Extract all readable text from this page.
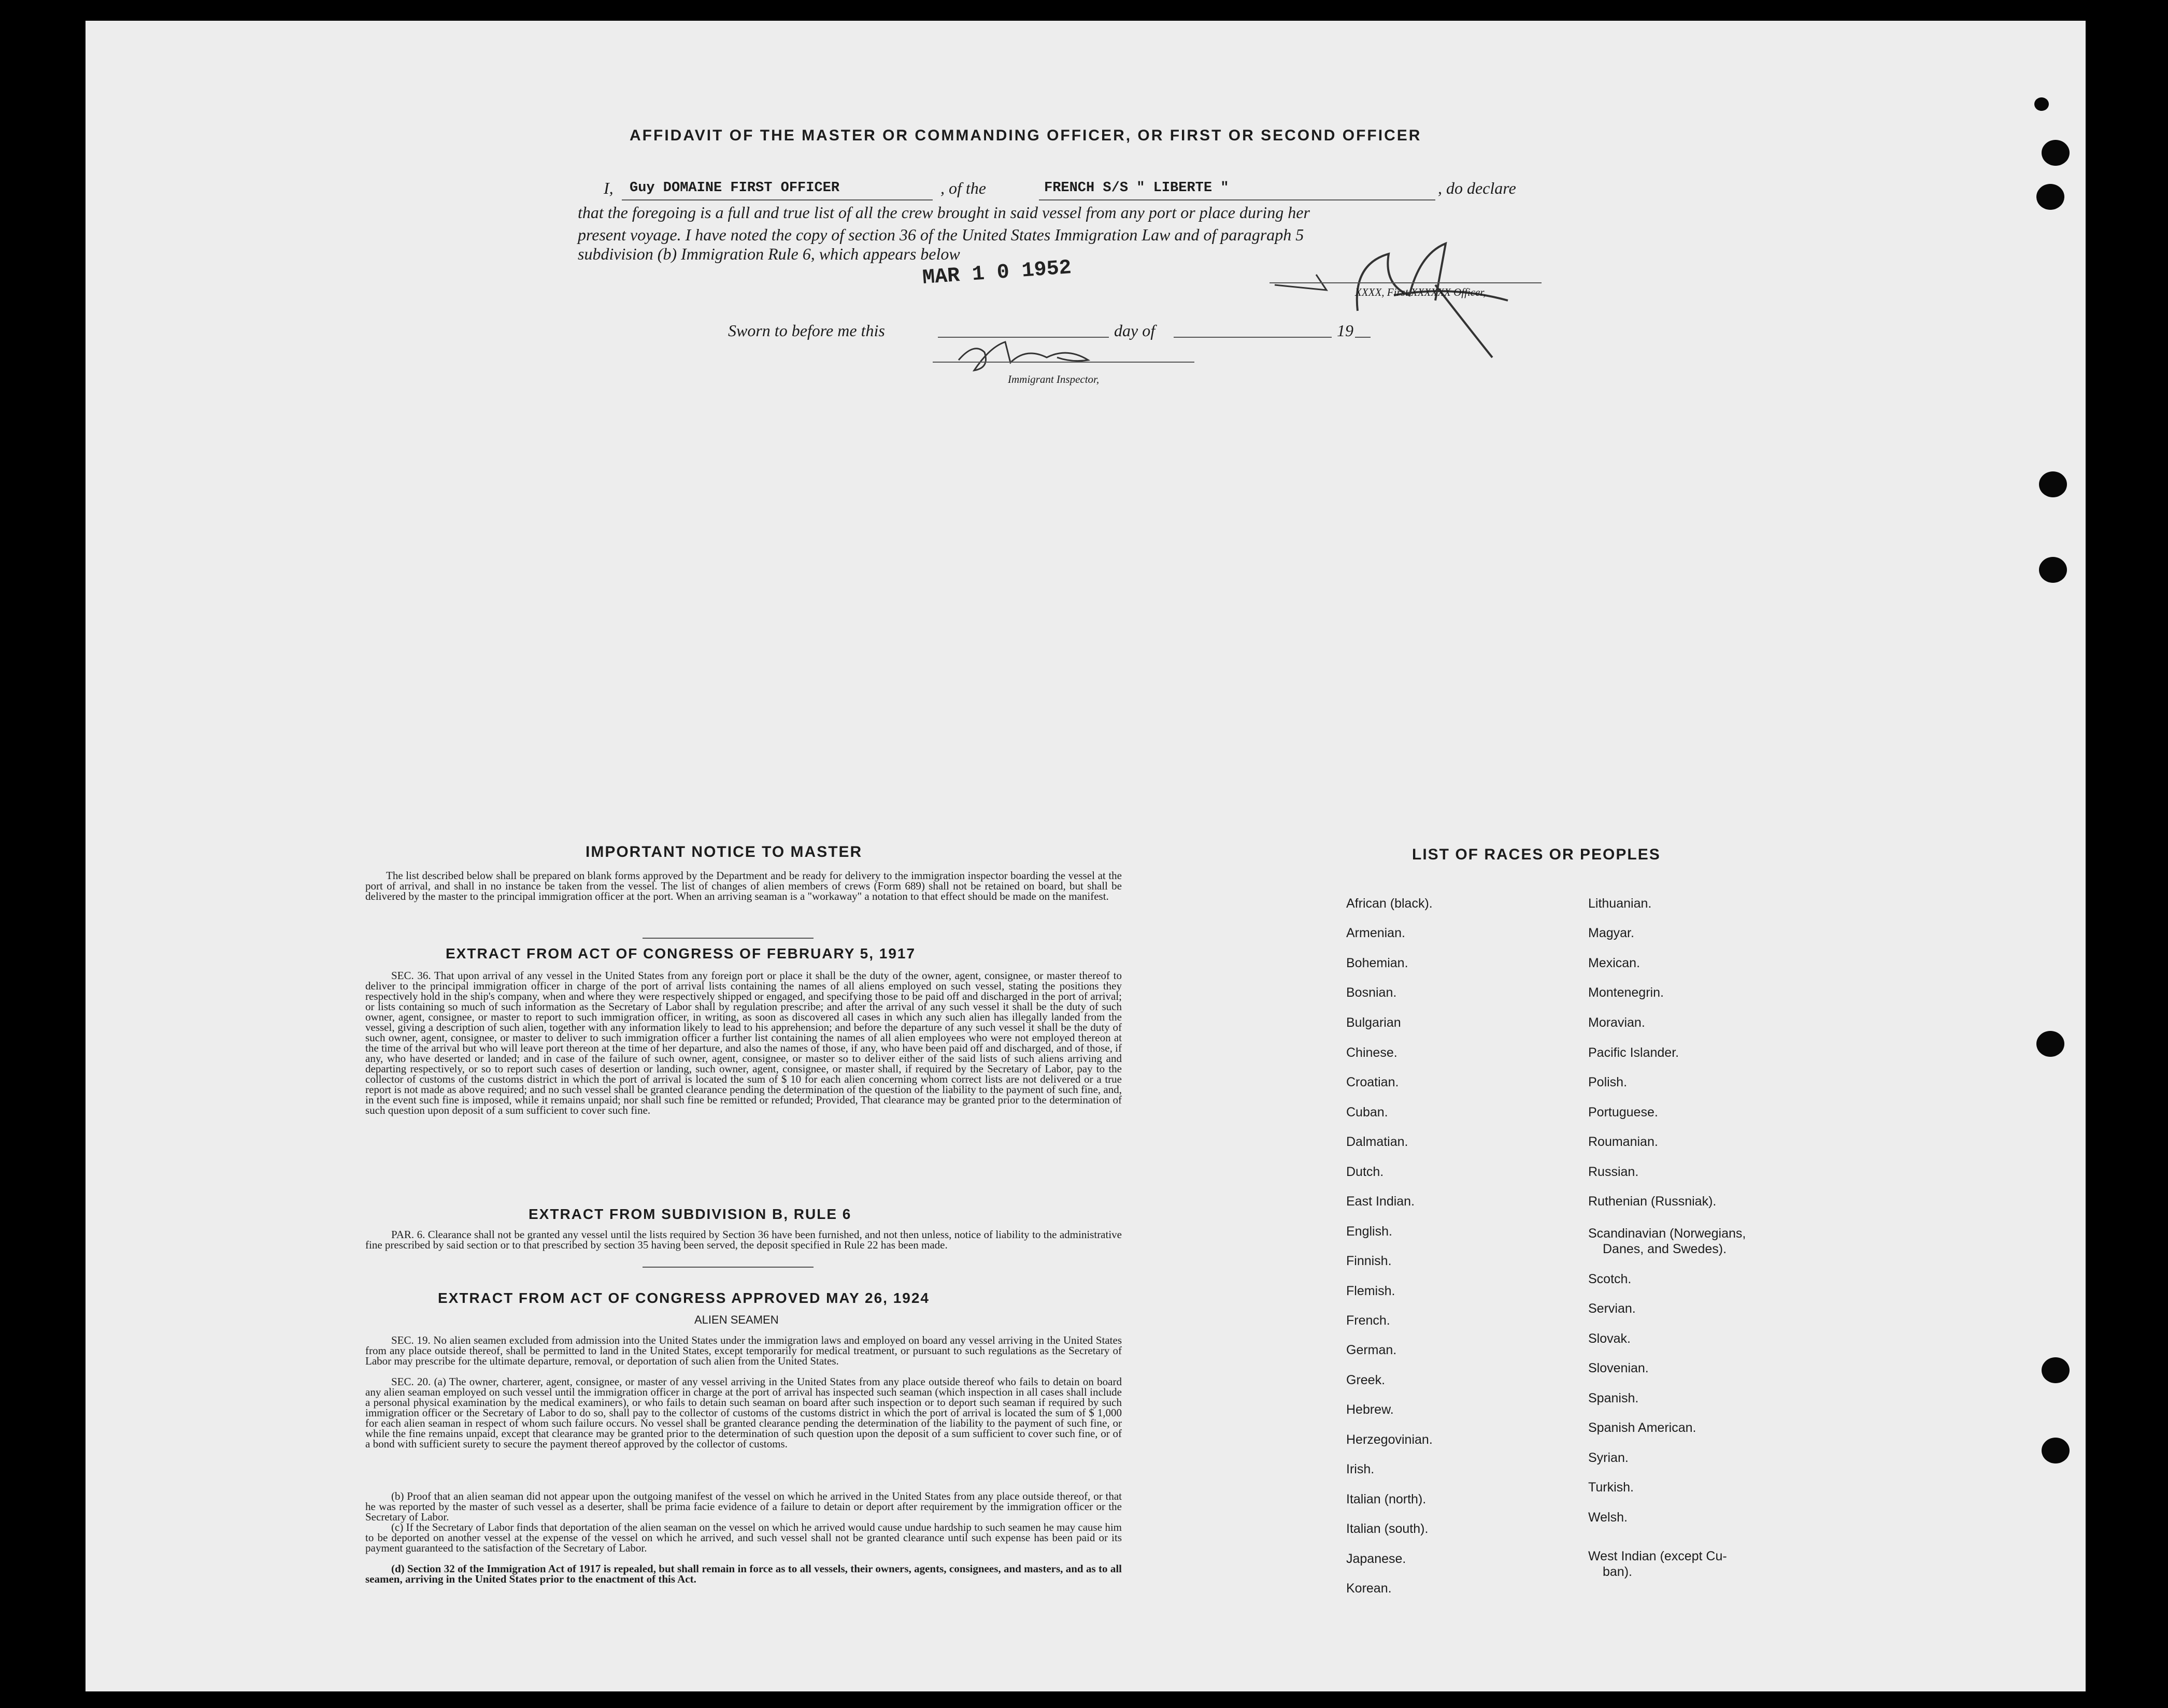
AFFIDAVIT OF THE MASTER OR COMMANDING OFFICER, OR FIRST OR SECOND OFFICER
I, Guy DOMAINE FIRST OFFICER	, of the	FRENCH S/S " LIBERTE "	, do declare
that the foregoing is a full and true list of all the crew brought in said vessel from any port or place during her
present voyage. I have noted the copy of section 36 of the United States Immigration Law and of paragraph 5
subdivision (b) Immigration Rule 6, which appears below
MAR 1 0 1952
XXXX, First XXXXXX Officer,
Sworn to before me this	day of	19
Immigrant Inspector,
IMPORTANT NOTICE TO MASTER
The list described below shall be prepared on blank forms approved by the Department and be ready for delivery to the immigration inspector boarding the vessel at the port of arrival, and shall in no instance be taken from the vessel. The list of changes of alien members of crews (Form 689) shall not be retained on board, but shall be delivered by the master to the principal immigration officer at the port. When an arriving seaman is a "workaway" a notation to that effect should be made on the manifest.
EXTRACT FROM ACT OF CONGRESS OF FEBRUARY 5, 1917
SEC. 36. That upon arrival of any vessel in the United States from any foreign port or place it shall be the duty of the owner, agent, consignee, or master thereof to deliver to the principal immigration officer in charge of the port of arrival lists containing the names of all aliens employed on such vessel, stating the positions they respectively hold in the ship's company, when and where they were respectively shipped or engaged, and specifying those to be paid off and discharged in the port of arrival; or lists containing so much of such information as the Secretary of Labor shall by regulation prescribe; and after the arrival of any such vessel it shall be the duty of such owner, agent, consignee, or master to report to such immigration officer, in writing, as soon as discovered all cases in which any such alien has illegally landed from the vessel, giving a description of such alien, together with any information likely to lead to his apprehension; and before the departure of any such vessel it shall be the duty of such owner, agent, consignee, or master to deliver to such immigration officer a further list containing the names of all alien employees who were not employed thereon at the time of the arrival but who will leave port thereon at the time of her departure, and also the names of those, if any, who have been paid off and discharged, and of those, if any, who have deserted or landed; and in case of the failure of such owner, agent, consignee, or master so to deliver either of the said lists of such aliens arriving and departing respectively, or so to report such cases of desertion or landing, such owner, agent, consignee, or master shall, if required by the Secretary of Labor, pay to the collector of customs of the customs district in which the port of arrival is located the sum of $ 10 for each alien concerning whom correct lists are not delivered or a true report is not made as above required; and no such vessel shall be granted clearance pending the determination of the question of the liability to the payment of such fine, and, in the event such fine is imposed, while it remains unpaid; nor shall such fine be remitted or refunded; Provided, That clearance may be granted prior to the determination of such question upon deposit of a sum sufficient to cover such fine.
EXTRACT FROM SUBDIVISION B, RULE 6
PAR. 6. Clearance shall not be granted any vessel until the lists required by Section 36 have been furnished, and not then unless, notice of liability to the administrative fine prescribed by said section or to that prescribed by section 35 having been served, the deposit specified in Rule 22 has been made.
EXTRACT FROM ACT OF CONGRESS APPROVED MAY 26, 1924
ALIEN SEAMEN
SEC. 19. No alien seamen excluded from admission into the United States under the immigration laws and employed on board any vessel arriving in the United States from any place outside thereof, shall be permitted to land in the United States, except temporarily for medical treatment, or pursuant to such regulations as the Secretary of Labor may prescribe for the ultimate departure, removal, or deportation of such alien from the United States.
SEC. 20. (a) The owner, charterer, agent, consignee, or master of any vessel arriving in the United States from any place outside thereof who fails to detain on board any alien seaman employed on such vessel until the immigration officer in charge at the port of arrival has inspected such seaman (which inspection in all cases shall include a personal physical examination by the medical examiners), or who fails to detain such seaman on board after such inspection or to deport such seaman if required by such immigration officer or the Secretary of Labor to do so, shall pay to the collector of customs of the customs district in which the port of arrival is located the sum of $ 1,000 for each alien seaman in respect of whom such failure occurs. No vessel shall be granted clearance pending the determination of the liability to the payment of such fine, or while the fine remains unpaid, except that clearance may be granted prior to the determination of such question upon the deposit of a sum sufficient to cover such fine, or of a bond with sufficient surety to secure the payment thereof approved by the collector of customs.
(b) Proof that an alien seaman did not appear upon the outgoing manifest of the vessel on which he arrived in the United States from any place outside thereof, or that he was reported by the master of such vessel as a deserter, shall be prima facie evidence of a failure to detain or deport after requirement by the immigration officer or the Secretary of Labor.
(c) If the Secretary of Labor finds that deportation of the alien seaman on the vessel on which he arrived would cause undue hardship to such seamen he may cause him to be deported on another vessel at the expense of the vessel on which he arrived, and such vessel shall not be granted clearance until such expense has been paid or its payment guaranteed to the satisfaction of the Secretary of Labor.
(d) Section 32 of the Immigration Act of 1917 is repealed, but shall remain in force as to all vessels, their owners, agents, consignees, and masters, and as to all seamen, arriving in the United States prior to the enactment of this Act.
LIST OF RACES OR PEOPLES
African (black).
Armenian.
Bohemian.
Bosnian.
Bulgarian
Chinese.
Croatian.
Cuban.
Dalmatian.
Dutch.
East Indian.
English.
Finnish.
Flemish.
French.
German.
Greek.
Hebrew.
Herzegovinian.
Irish.
Italian (north).
Italian (south).
Japanese.
Korean.
Lithuanian.
Magyar.
Mexican.
Montenegrin.
Moravian.
Pacific Islander.
Polish.
Portuguese.
Roumanian.
Russian.
Ruthenian (Russniak).
Scandinavian (Norwegians,
Danes, and Swedes).
Scotch.
Servian.
Slovak.
Slovenian.
Spanish.
Spanish American.
Syrian.
Turkish.
Welsh.
West Indian (except Cu-
ban).
